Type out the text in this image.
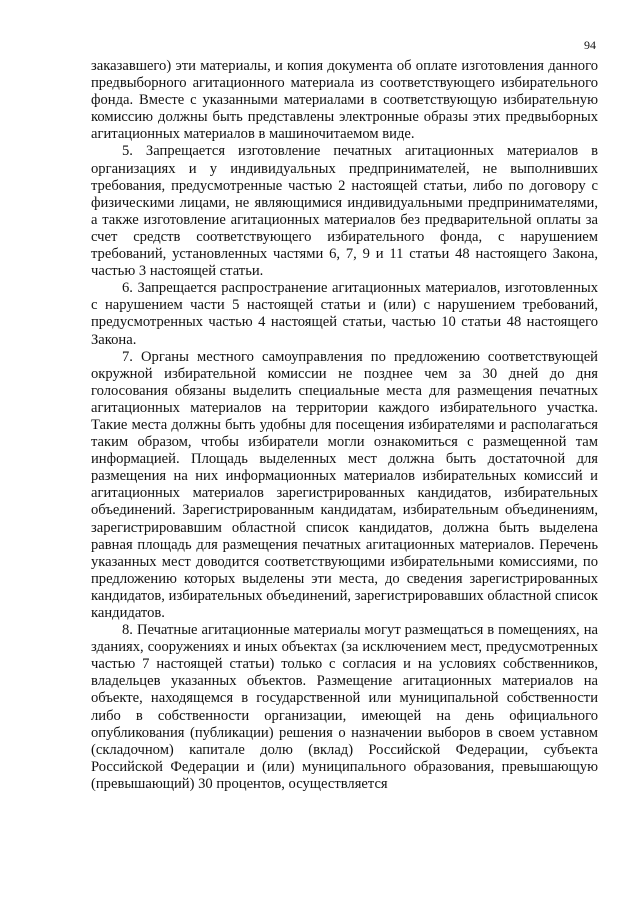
94

заказавшего) эти материалы, и копия документа об оплате изготовления данного предвыборного агитационного материала из соответствующего избирательного фонда. Вместе с указанными материалами в соответствующую избирательную комиссию должны быть представлены электронные образы этих предвыборных агитационных материалов в машиночитаемом виде.

5. Запрещается изготовление печатных агитационных материалов в организациях и у индивидуальных предпринимателей, не выполнивших требования, предусмотренные частью 2 настоящей статьи, либо по договору с физическими лицами, не являющимися индивидуальными предпринимателями, а также изготовление агитационных материалов без предварительной оплаты за счет средств соответствующего избирательного фонда, с нарушением требований, установленных частями 6, 7, 9 и 11 статьи 48 настоящего Закона, частью 3 настоящей статьи.

6. Запрещается распространение агитационных материалов, изготовленных с нарушением части 5 настоящей статьи и (или) с нарушением требований, предусмотренных частью 4 настоящей статьи, частью 10 статьи 48 настоящего Закона.

7. Органы местного самоуправления по предложению соответствующей окружной избирательной комиссии не позднее чем за 30 дней до дня голосования обязаны выделить специальные места для размещения печатных агитационных материалов на территории каждого избирательного участка. Такие места должны быть удобны для посещения избирателями и располагаться таким образом, чтобы избиратели могли ознакомиться с размещенной там информацией. Площадь выделенных мест должна быть достаточной для размещения на них информационных материалов избирательных комиссий и агитационных материалов зарегистрированных кандидатов, избирательных объединений. Зарегистрированным кандидатам, избирательным объединениям, зарегистрировавшим областной список кандидатов, должна быть выделена равная площадь для размещения печатных агитационных материалов. Перечень указанных мест доводится соответствующими избирательными комиссиями, по предложению которых выделены эти места, до сведения зарегистрированных кандидатов, избирательных объединений, зарегистрировавших областной список кандидатов.

8. Печатные агитационные материалы могут размещаться в помещениях, на зданиях, сооружениях и иных объектах (за исключением мест, предусмотренных частью 7 настоящей статьи) только с согласия и на условиях собственников, владельцев указанных объектов. Размещение агитационных материалов на объекте, находящемся в государственной или муниципальной собственности либо в собственности организации, имеющей на день официального опубликования (публикации) решения о назначении выборов в своем уставном (складочном) капитале долю (вклад) Российской Федерации, субъекта Российской Федерации и (или) муниципального образования, превышающую (превышающий) 30 процентов, осуществляется
